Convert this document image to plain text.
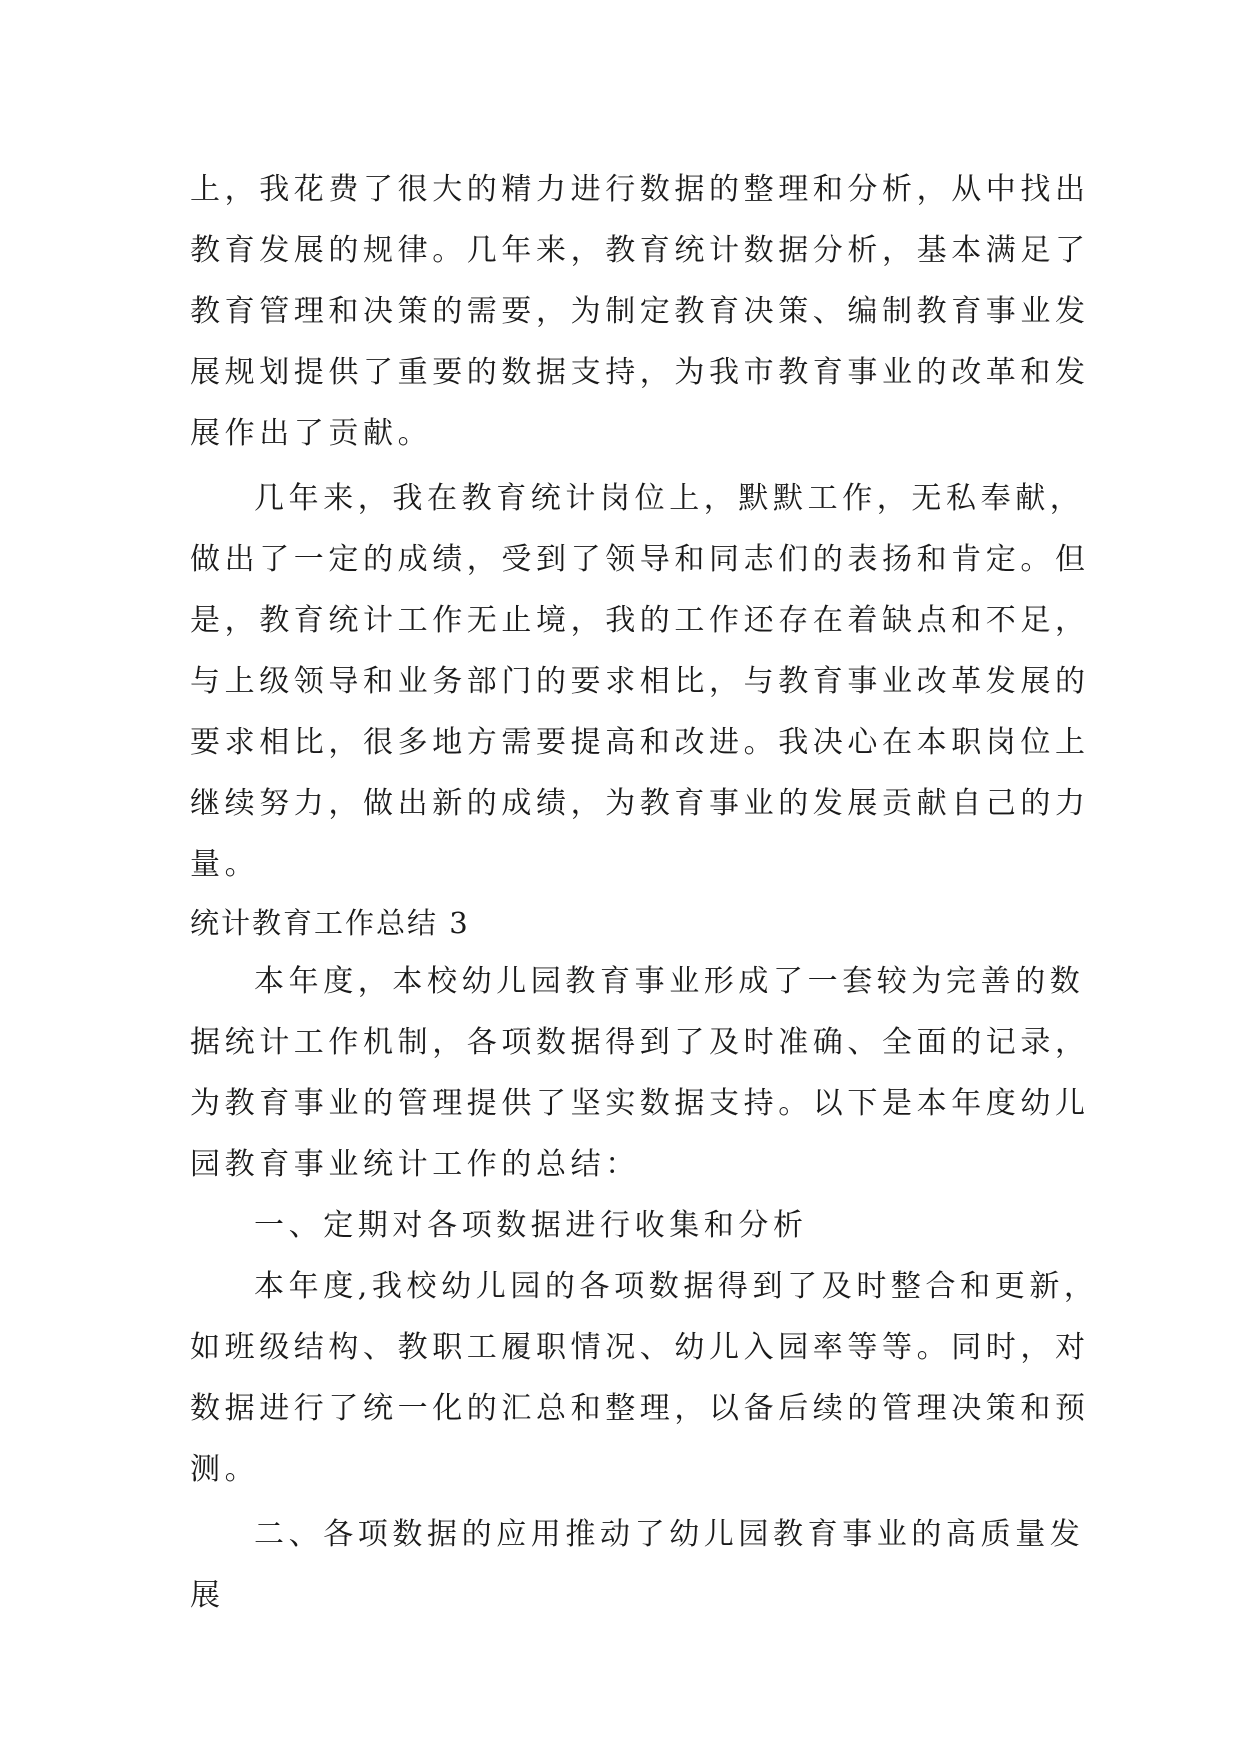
上，我花费了很大的精力进行数据的整理和分析，从中找出
教育发展的规律。几年来，教育统计数据分析，基本满足了
教育管理和决策的需要，为制定教育决策、编制教育事业发
展规划提供了重要的数据支持，为我市教育事业的改革和发
展作出了贡献。
几年来，我在教育统计岗位上，默默工作，无私奉献，
做出了一定的成绩，受到了领导和同志们的表扬和肯定。但
是，教育统计工作无止境，我的工作还存在着缺点和不足，
与上级领导和业务部门的要求相比，与教育事业改革发展的
要求相比，很多地方需要提高和改进。我决心在本职岗位上
继续努力，做出新的成绩，为教育事业的发展贡献自己的力
量。
统计教育工作总结 3
本年度，本校幼儿园教育事业形成了一套较为完善的数
据统计工作机制，各项数据得到了及时准确、全面的记录，
为教育事业的管理提供了坚实数据支持。以下是本年度幼儿
园教育事业统计工作的总结：
一、定期对各项数据进行收集和分析
本年度,我校幼儿园的各项数据得到了及时整合和更新，
如班级结构、教职工履职情况、幼儿入园率等等。同时，对
数据进行了统一化的汇总和整理，以备后续的管理决策和预
测。
二、各项数据的应用推动了幼儿园教育事业的高质量发
展
